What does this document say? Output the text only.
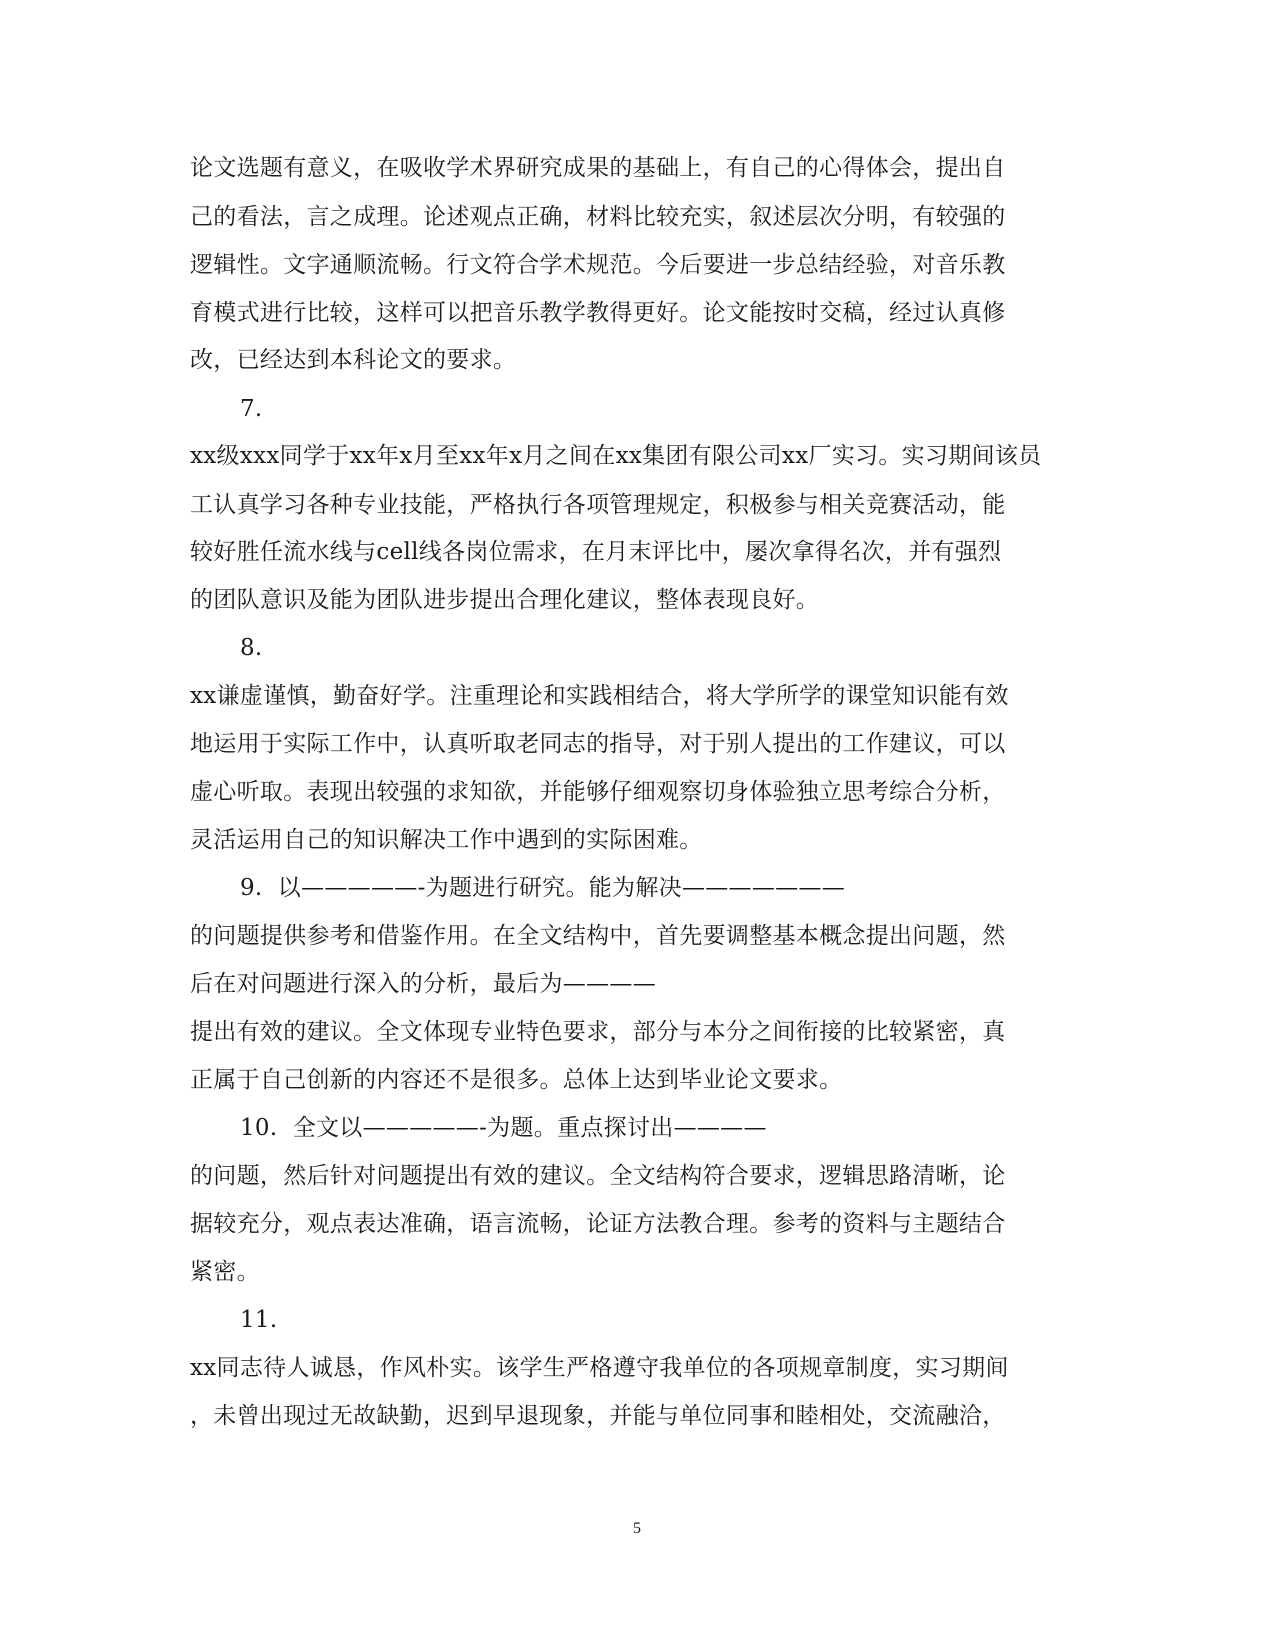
论文选题有意义，在吸收学术界研究成果的基础上，有自己的心得体会，提出自
己的看法，言之成理。论述观点正确，材料比较充实，叙述层次分明，有较强的
逻辑性。文字通顺流畅。行文符合学术规范。今后要进一步总结经验，对音乐教
育模式进行比较，这样可以把音乐教学教得更好。论文能按时交稿，经过认真修
改，已经达到本科论文的要求。
7.
xx级xxx同学于xx年x月至xx年x月之间在xx集团有限公司xx厂实习。实习期间该员
工认真学习各种专业技能，严格执行各项管理规定，积极参与相关竞赛活动，能
较好胜任流水线与cell线各岗位需求，在月末评比中，屡次拿得名次，并有强烈
的团队意识及能为团队进步提出合理化建议，整体表现良好。
8.
xx谦虚谨慎，勤奋好学。注重理论和实践相结合，将大学所学的课堂知识能有效
地运用于实际工作中，认真听取老同志的指导，对于别人提出的工作建议，可以
虚心听取。表现出较强的求知欲，并能够仔细观察切身体验独立思考综合分析，
灵活运用自己的知识解决工作中遇到的实际困难。
9.  以—————-为题进行研究。能为解决———————
的问题提供参考和借鉴作用。在全文结构中，首先要调整基本概念提出问题，然
后在对问题进行深入的分析，最后为————
提出有效的建议。全文体现专业特色要求，部分与本分之间衔接的比较紧密，真
正属于自己创新的内容还不是很多。总体上达到毕业论文要求。
10.  全文以—————-为题。重点探讨出————
的问题，然后针对问题提出有效的建议。全文结构符合要求，逻辑思路清晰，论
据较充分，观点表达准确，语言流畅，论证方法教合理。参考的资料与主题结合
紧密。
11.
xx同志待人诚恳，作风朴实。该学生严格遵守我单位的各项规章制度，实习期间
，未曾出现过无故缺勤，迟到早退现象，并能与单位同事和睦相处，交流融洽，
5
